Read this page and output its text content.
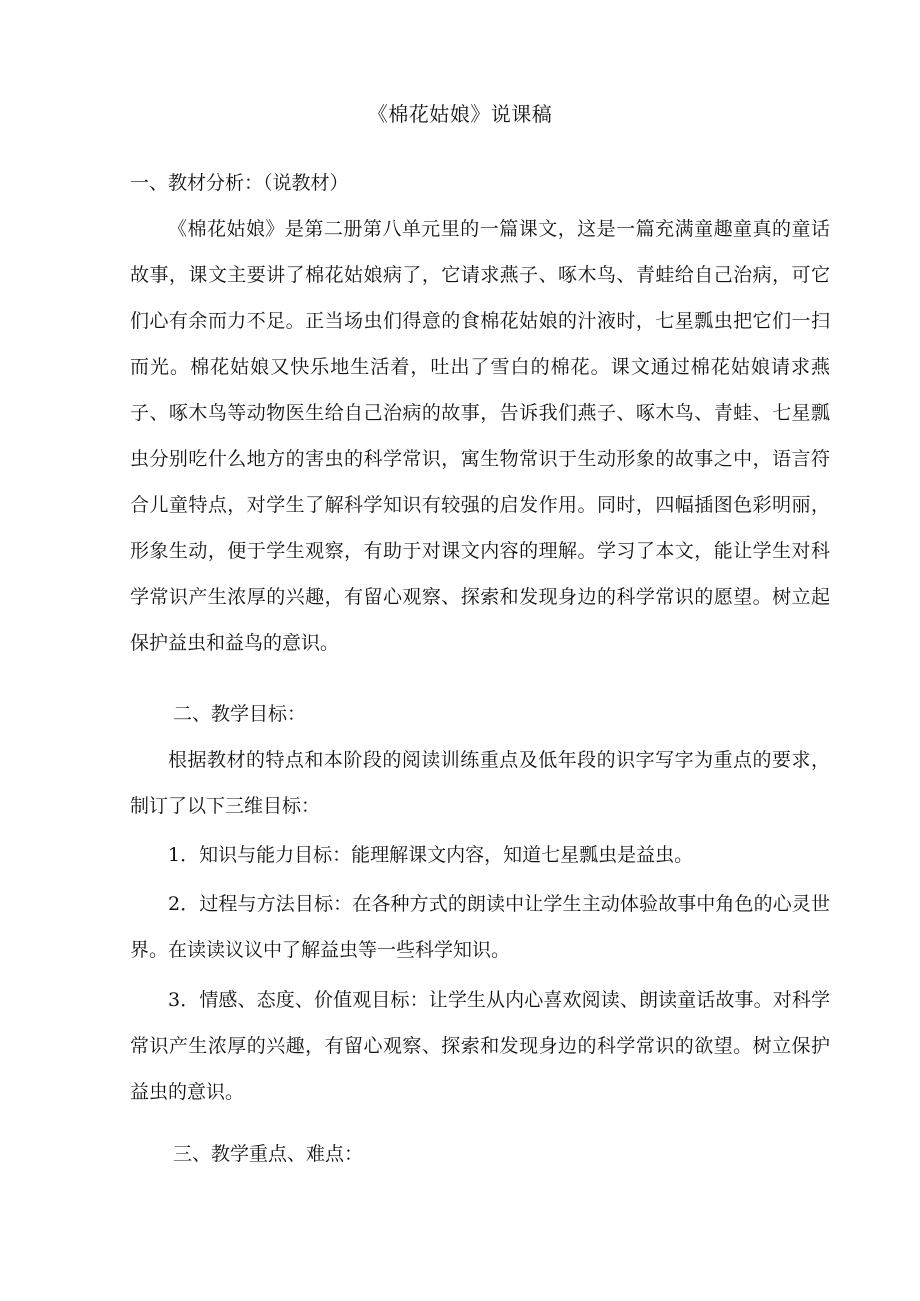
《棉花姑娘》说课稿
一、教材分析：（说教材）
《棉花姑娘》是第二册第八单元里的一篇课文，这是一篇充满童趣童真的童话故事，课文主要讲了棉花姑娘病了，它请求燕子、啄木鸟、青蛙给自己治病，可它们心有余而力不足。正当场虫们得意的食棉花姑娘的汁液时，七星瓢虫把它们一扫而光。棉花姑娘又快乐地生活着，吐出了雪白的棉花。课文通过棉花姑娘请求燕子、啄木鸟等动物医生给自己治病的故事，告诉我们燕子、啄木鸟、青蛙、七星瓢虫分别吃什么地方的害虫的科学常识，寓生物常识于生动形象的故事之中，语言符合儿童特点，对学生了解科学知识有较强的启发作用。同时，四幅插图色彩明丽，形象生动，便于学生观察，有助于对课文内容的理解。学习了本文，能让学生对科学常识产生浓厚的兴趣，有留心观察、探索和发现身边的科学常识的愿望。树立起保护益虫和益鸟的意识。
二、教学目标：
根据教材的特点和本阶段的阅读训练重点及低年段的识字写字为重点的要求，制订了以下三维目标：
1．知识与能力目标：能理解课文内容，知道七星瓢虫是益虫。
2．过程与方法目标：在各种方式的朗读中让学生主动体验故事中角色的心灵世界。在读读议议中了解益虫等一些科学知识。
3．情感、态度、价值观目标：让学生从内心喜欢阅读、朗读童话故事。对科学常识产生浓厚的兴趣，有留心观察、探索和发现身边的科学常识的欲望。树立保护益虫的意识。
三、教学重点、难点：
